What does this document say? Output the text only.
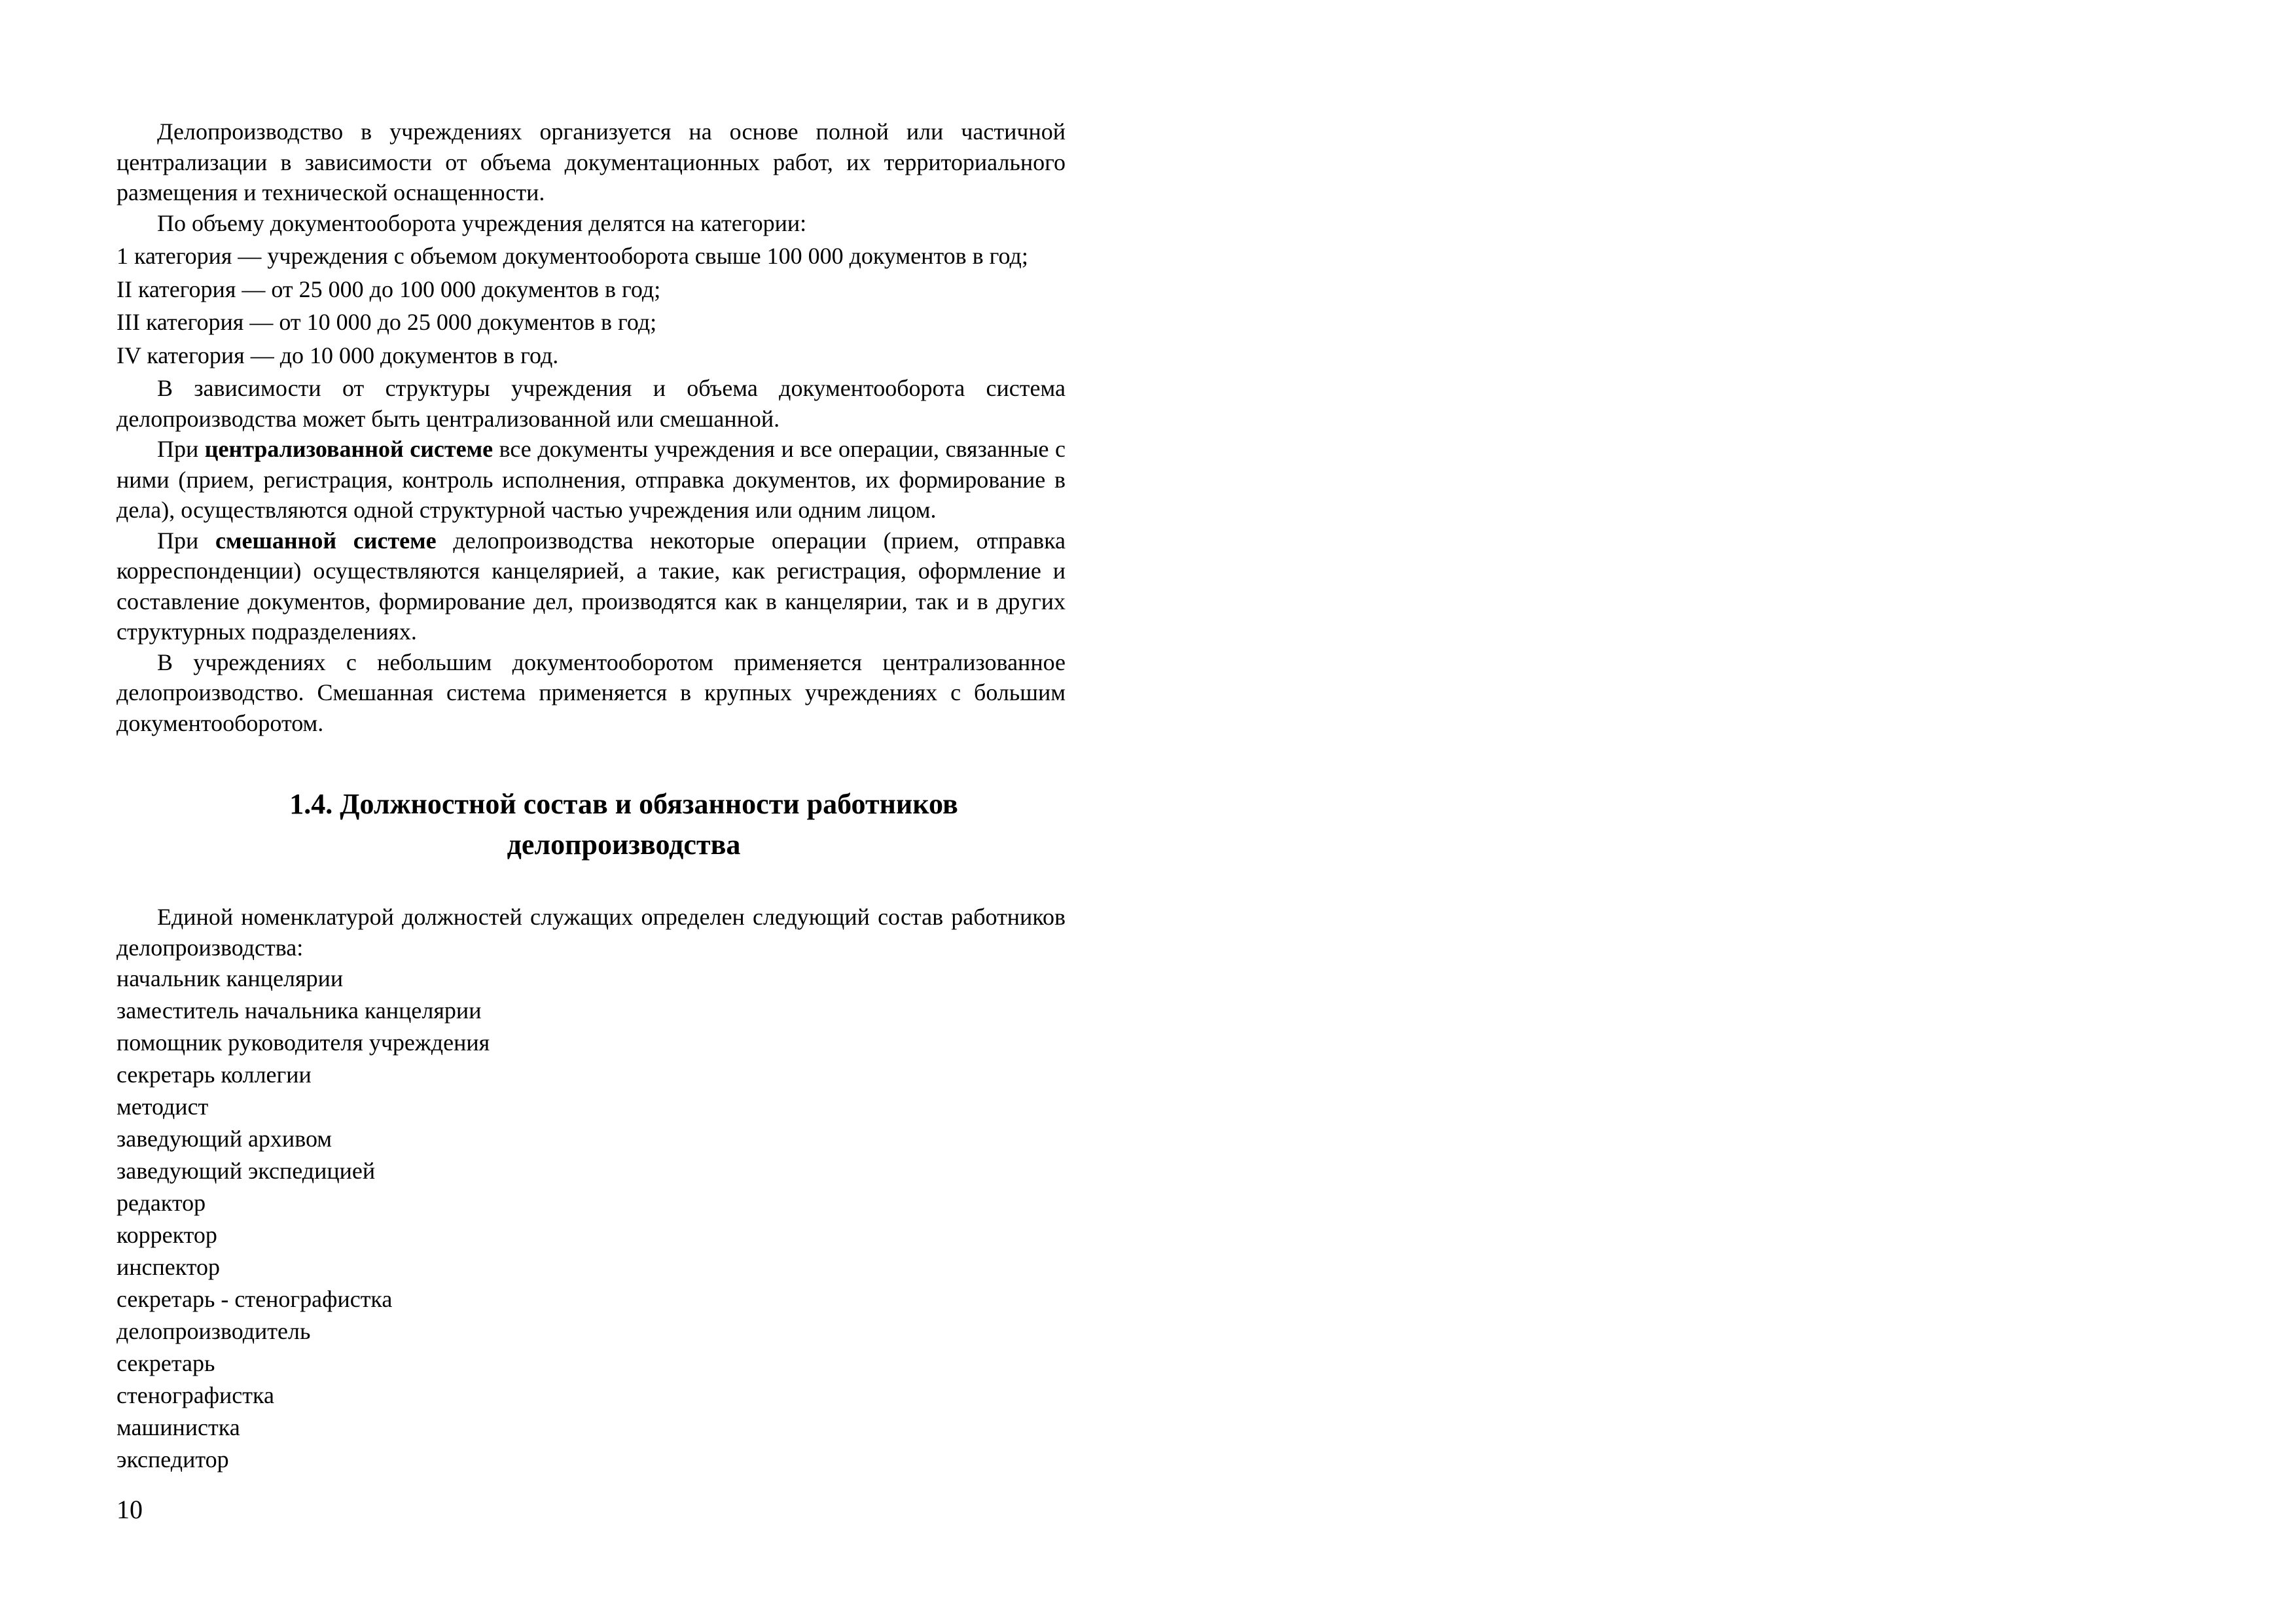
Делопроизводство в учреждениях организуется на основе полной или частичной централизации в зависимости от объема документационных работ, их территориального размещения и технической оснащенности.

По объему документооборота учреждения делятся на категории:

1 категория — учреждения с объемом документооборота свыше 100 000 документов в год;

II категория — от 25 000 до 100 000 документов в год;

III категория — от 10 000 до 25 000 документов в год;

IV категория — до 10 000 документов в год.

В зависимости от структуры учреждения и объема документооборота система делопроизводства может быть централизованной или смешанной.

При централизованной системе все документы учреждения и все операции, связанные с ними (прием, регистрация, контроль исполнения, отправка документов, их формирование в дела), осуществляются одной структурной частью учреждения или одним лицом.

При смешанной системе делопроизводства некоторые операции (прием, отправка корреспонденции) осуществляются канцелярией, а такие, как регистрация, оформление и составление документов, формирование дел, производятся как в канцелярии, так и в других структурных подразделениях.

В учреждениях с небольшим документооборотом применяется централизованное делопроизводство. Смешанная система применяется в крупных учреждениях с большим документооборотом.

1.4. Должностной состав и обязанности работников
делопроизводства

Единой номенклатурой должностей служащих определен следующий состав работников делопроизводства:

начальник канцелярии
заместитель начальника канцелярии
помощник руководителя учреждения
секретарь коллегии
методист
заведующий архивом
заведующий экспедицией
редактор
корректор
инспектор
секретарь - стенографистка
делопроизводитель
секретарь
стенографистка
машинистка
экспедитор
10
